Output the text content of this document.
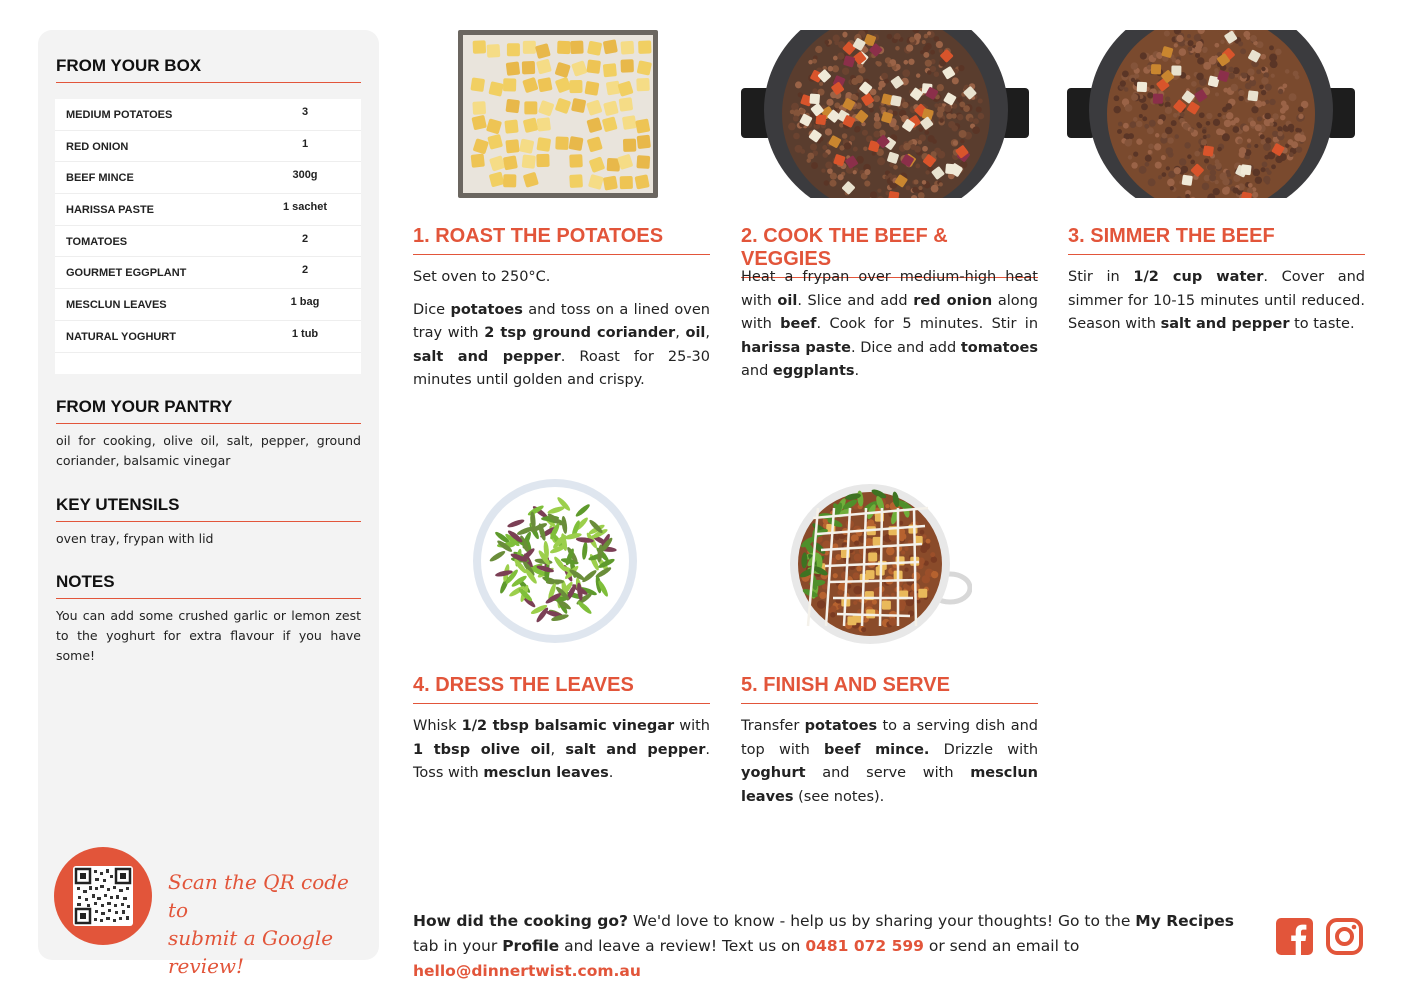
FROM YOUR BOX
MEDIUM POTATOES	3
RED ONION	1
BEEF MINCE	300g
HARISSA PASTE	1 sachet
TOMATOES	2
GOURMET EGGPLANT	2
MESCLUN LEAVES	1 bag
NATURAL YOGHURT	1 tub
FROM YOUR PANTRY
oil for cooking, olive oil, salt, pepper, ground coriander, balsamic vinegar
KEY UTENSILS
oven tray, frypan with lid
NOTES
You can add some crushed garlic or lemon zest to the yoghurt for extra flavour if you have some!
Scan the QR code to
submit a Google review!
1. ROAST THE POTATOES

Set oven to 250°C.

Dice potatoes and toss on a lined oven tray with 2 tsp ground coriander, oil, salt and pepper. Roast for 25-30 minutes until golden and crispy.

2. COOK THE BEEF & VEGGIES

Heat a frypan over medium-high heat with oil. Slice and add red onion along with beef. Cook for 5 minutes. Stir in harissa paste. Dice and add tomatoes and eggplants.

3. SIMMER THE BEEF

Stir in 1/2 cup water. Cover and simmer for 10-15 minutes until reduced. Season with salt and pepper to taste.

4. DRESS THE LEAVES

Whisk 1/2 tbsp balsamic vinegar with 1 tbsp olive oil, salt and pepper. Toss with mesclun leaves.

5. FINISH AND SERVE

Transfer potatoes to a serving dish and top with beef mince. Drizzle with yoghurt and serve with mesclun leaves (see notes).

How did the cooking go? We'd love to know - help us by sharing your thoughts! Go to the My Recipes tab in your Profile and leave a review! Text us on 0481 072 599 or send an email to hello@dinnertwist.com.au
